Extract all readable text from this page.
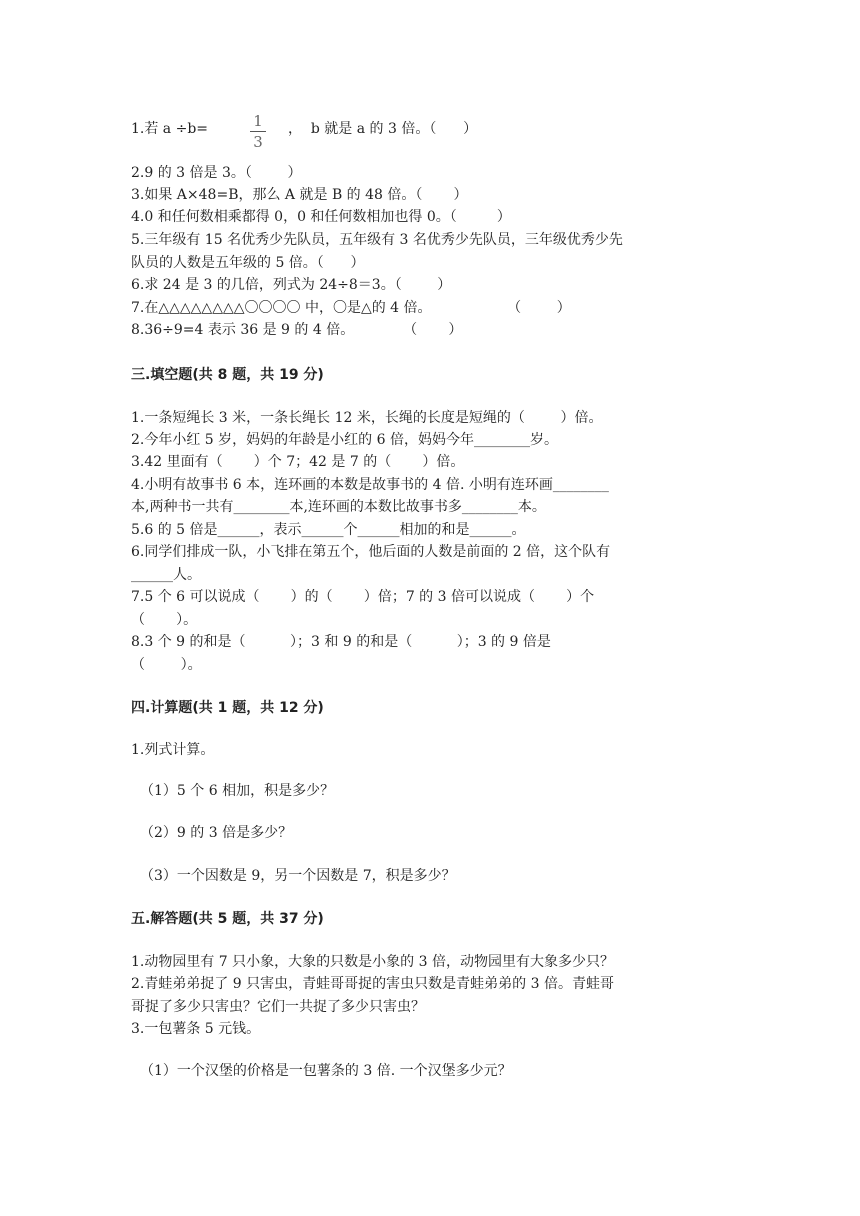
1.若 a ÷b=	1
3
，  b 就是 a 的 3 倍。（      ）
2.9 的 3 倍是 3。（        ）
3.如果 A×48=B，那么 A 就是 B 的 48 倍。（       ）
4.0 和任何数相乘都得 0，0 和任何数相加也得 0。（         ）
5.三年级有 15 名优秀少先队员，五年级有 3 名优秀少先队员，三年级优秀少先
队员的人数是五年级的 5 倍。（      ）
6.求 24 是 3 的几倍，列式为 24÷8＝3。（        ）
7.在△△△△△△△△〇〇〇〇 中，〇是△的 4 倍。                 （        ）
8.36÷9=4 表示 36 是 9 的 4 倍。           （       ）
三.填空题(共 8 题，共 19 分)
1.一条短绳长 3 米，一条长绳长 12 米，长绳的长度是短绳的（        ）倍。
2.今年小红 5 岁，妈妈的年龄是小红的 6 倍，妈妈今年________岁。
3.42 里面有（       ）个 7；42 是 7 的（       ）倍。
4.小明有故事书 6 本，连环画的本数是故事书的 4 倍. 小明有连环画________
本,两种书一共有________本,连环画的本数比故事书多________本。
5.6 的 5 倍是______，表示______个______相加的和是______。
6.同学们排成一队，小飞排在第五个，他后面的人数是前面的 2 倍，这个队有
______人。
7.5 个 6 可以说成（       ）的（       ）倍；7 的 3 倍可以说成（       ）个
（       ）。
8.3 个 9 的和是（          ）；3 和 9 的和是（          ）；3 的 9 倍是
（        ）。
四.计算题(共 1 题，共 12 分)
1.列式计算。
（1）5 个 6 相加，积是多少？
（2）9 的 3 倍是多少？
（3）一个因数是 9，另一个因数是 7，积是多少？
五.解答题(共 5 题，共 37 分)
1.动物园里有 7 只小象，大象的只数是小象的 3 倍，动物园里有大象多少只？
2.青蛙弟弟捉了 9 只害虫，青蛙哥哥捉的害虫只数是青蛙弟弟的 3 倍。青蛙哥
哥捉了多少只害虫？它们一共捉了多少只害虫？
3.一包薯条 5 元钱。
（1）一个汉堡的价格是一包薯条的 3 倍. 一个汉堡多少元？
